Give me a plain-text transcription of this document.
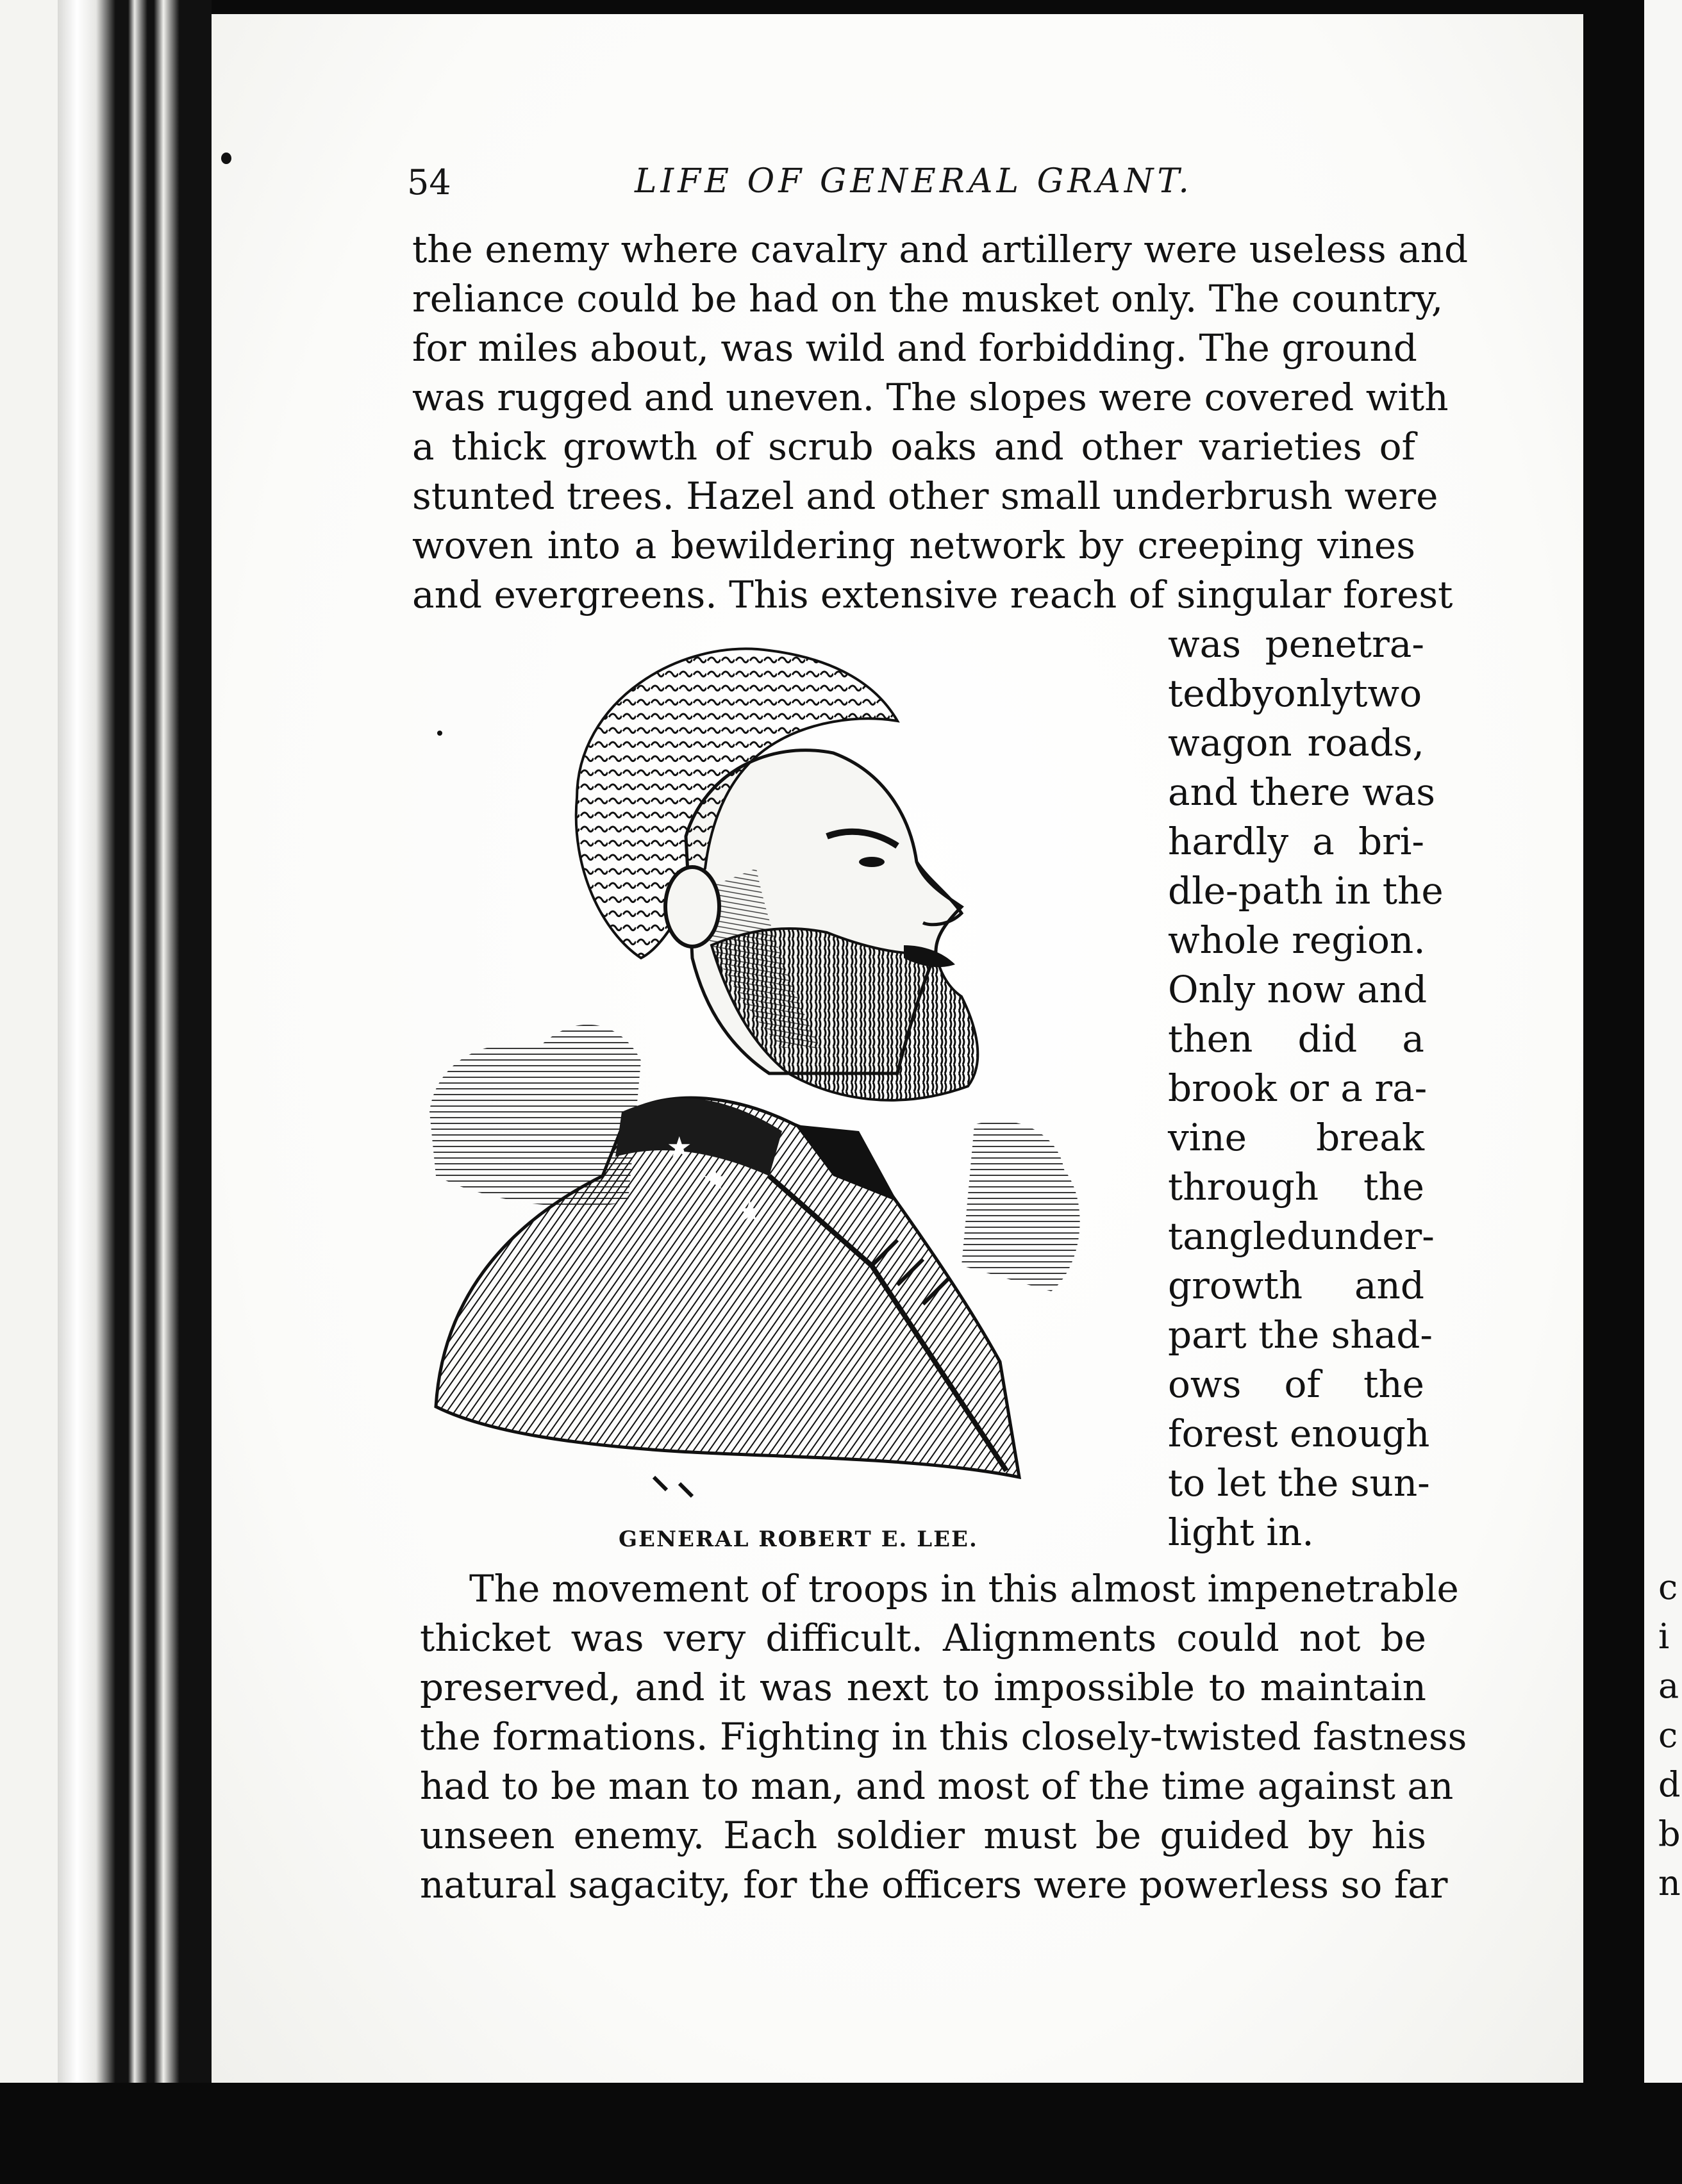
54	LIFE OF GENERAL GRANT.
the enemy where cavalry and artillery were useless and
reliance could be had on the musket only. The country,
for miles about, was wild and forbidding. The ground
was rugged and uneven. The slopes were covered with
a thick growth of scrub oaks and other varieties of
stunted trees. Hazel and other small underbrush were
woven into a bewildering network by creeping vines
and evergreens. This extensive reach of singular forest
was penetra-
tedbyonlytwo
wagon roads,
and there was
hardly a bri-
dle-path in the
whole region.
Only now and
then did a
brook or a ra-
vine break
through the
tangledunder-
growth and
part the shad-
ows of the
forest enough
to let the sun-
light in.
★
★
★
GENERAL ROBERT E. LEE.
The movement of troops in this almost impenetrable
thicket was very difficult. Alignments could not be
preserved, and it was next to impossible to maintain
the formations. Fighting in this closely-twisted fastness
had to be man to man, and most of the time against an
unseen enemy. Each soldier must be guided by his
natural sagacity, for the officers were powerless so far
c
i
a
c
d
b
n
